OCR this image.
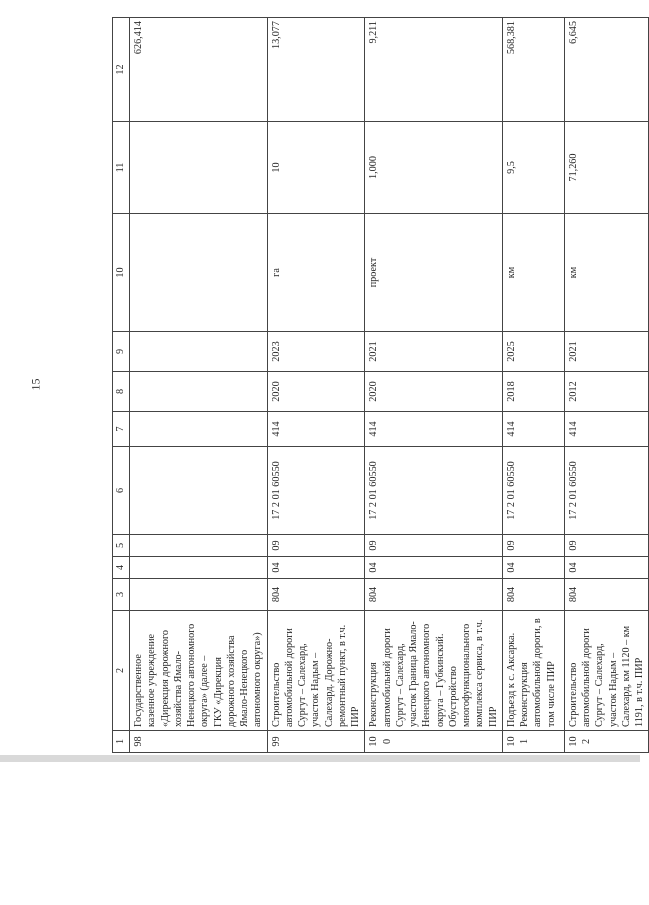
15
1	2	3	4	5	6	7	8	9	10	11	12
98	Государственное казенное учреждение «Дирекция дорожного хозяйства Ямало-Ненецкого автономного округа» (далее –
ГКУ «Дирекция дорожного хозяйства Ямало-Ненецкого автономного округа»)										626,414
99	Строительство автомобильной дороги Сургут – Салехард, участок Надым – Салехард. Дорожно-ремонтный пункт, в т.ч. ПИР	804	04	09	17 2 01 60550	414	2020	2023	га	10	13,077
100	Реконструкция автомобильной дороги Сургут – Салехард, участок Граница Ямало-Ненецкого автономного округа – Губкинский. Обустройство многофункционального комплекса сервиса, в т.ч. ПИР	804	04	09	17 2 01 60550	414	2020	2021	проект	1,000	9,211
101	Подъезд к с. Аксарка. Реконструкция автомобильной дороги, в том числе ПИР	804	04	09	17 2 01 60550	414	2018	2025	км	9,5	568,381
102	Строительство автомобильной дороги Сургут – Салехард, участок Надым – Салехард, км 1120 – км 1191, в т.ч. ПИР	804	04	09	17 2 01 60550	414	2012	2021	км	71,260	6,645
